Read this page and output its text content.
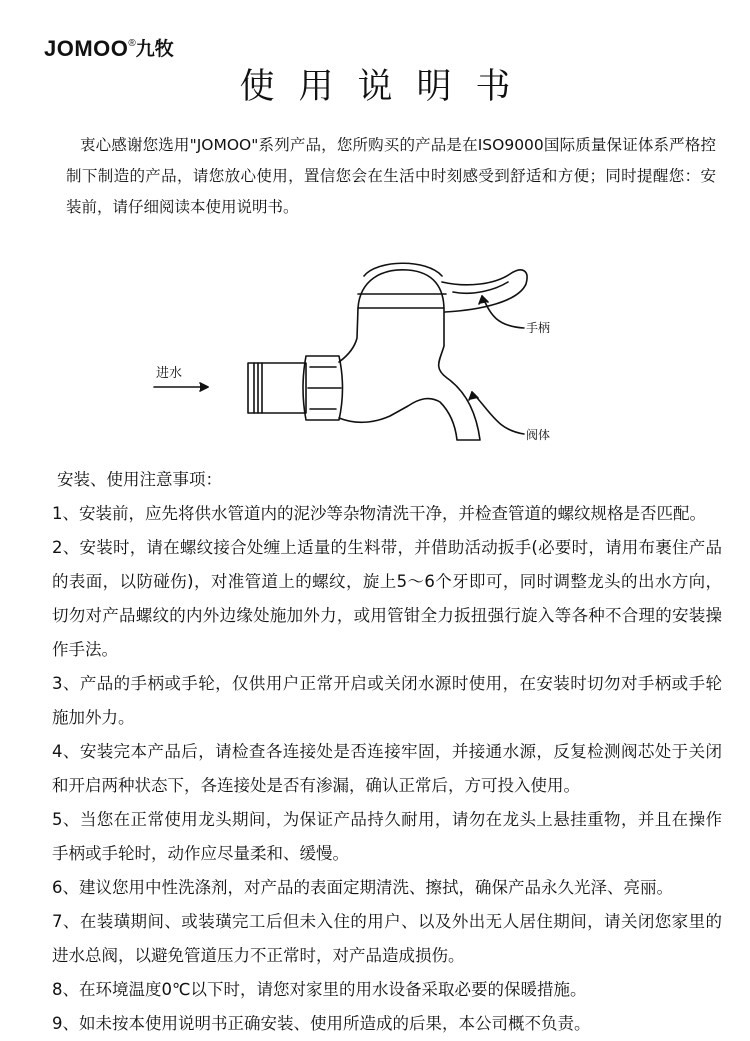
JOMOO ® 九牧
使用说明书

衷心感谢您选用"JOMOO"系列产品，您所购买的产品是在ISO9000国际质量保证体系严格控制下制造的产品，请您放心使用，置信您会在生活中时刻感受到舒适和方便；同时提醒您：安装前，请仔细阅读本使用说明书。

进水
手柄
阀体
安装、使用注意事项：
1、安装前，应先将供水管道内的泥沙等杂物清洗干净，并检查管道的螺纹规格是否匹配。
2、安装时，请在螺纹接合处缠上适量的生料带，并借助活动扳手(必要时，请用布裹住产品的表面，以防碰伤)，对准管道上的螺纹，旋上5～6个牙即可，同时调整龙头的出水方向，切勿对产品螺纹的内外边缘处施加外力，或用管钳全力扳扭强行旋入等各种不合理的安装操作手法。
3、产品的手柄或手轮，仅供用户正常开启或关闭水源时使用，在安装时切勿对手柄或手轮施加外力。
4、安装完本产品后，请检查各连接处是否连接牢固，并接通水源，反复检测阀芯处于关闭和开启两种状态下，各连接处是否有渗漏，确认正常后，方可投入使用。
5、当您在正常使用龙头期间，为保证产品持久耐用，请勿在龙头上悬挂重物，并且在操作手柄或手轮时，动作应尽量柔和、缓慢。
6、建议您用中性洗涤剂，对产品的表面定期清洗、擦拭，确保产品永久光泽、亮丽。
7、在装璜期间、或装璜完工后但未入住的用户、以及外出无人居住期间，请关闭您家里的进水总阀，以避免管道压力不正常时，对产品造成损伤。
8、在环境温度0℃以下时，请您对家里的用水设备采取必要的保暖措施。
9、如未按本使用说明书正确安装、使用所造成的后果，本公司概不负责。
